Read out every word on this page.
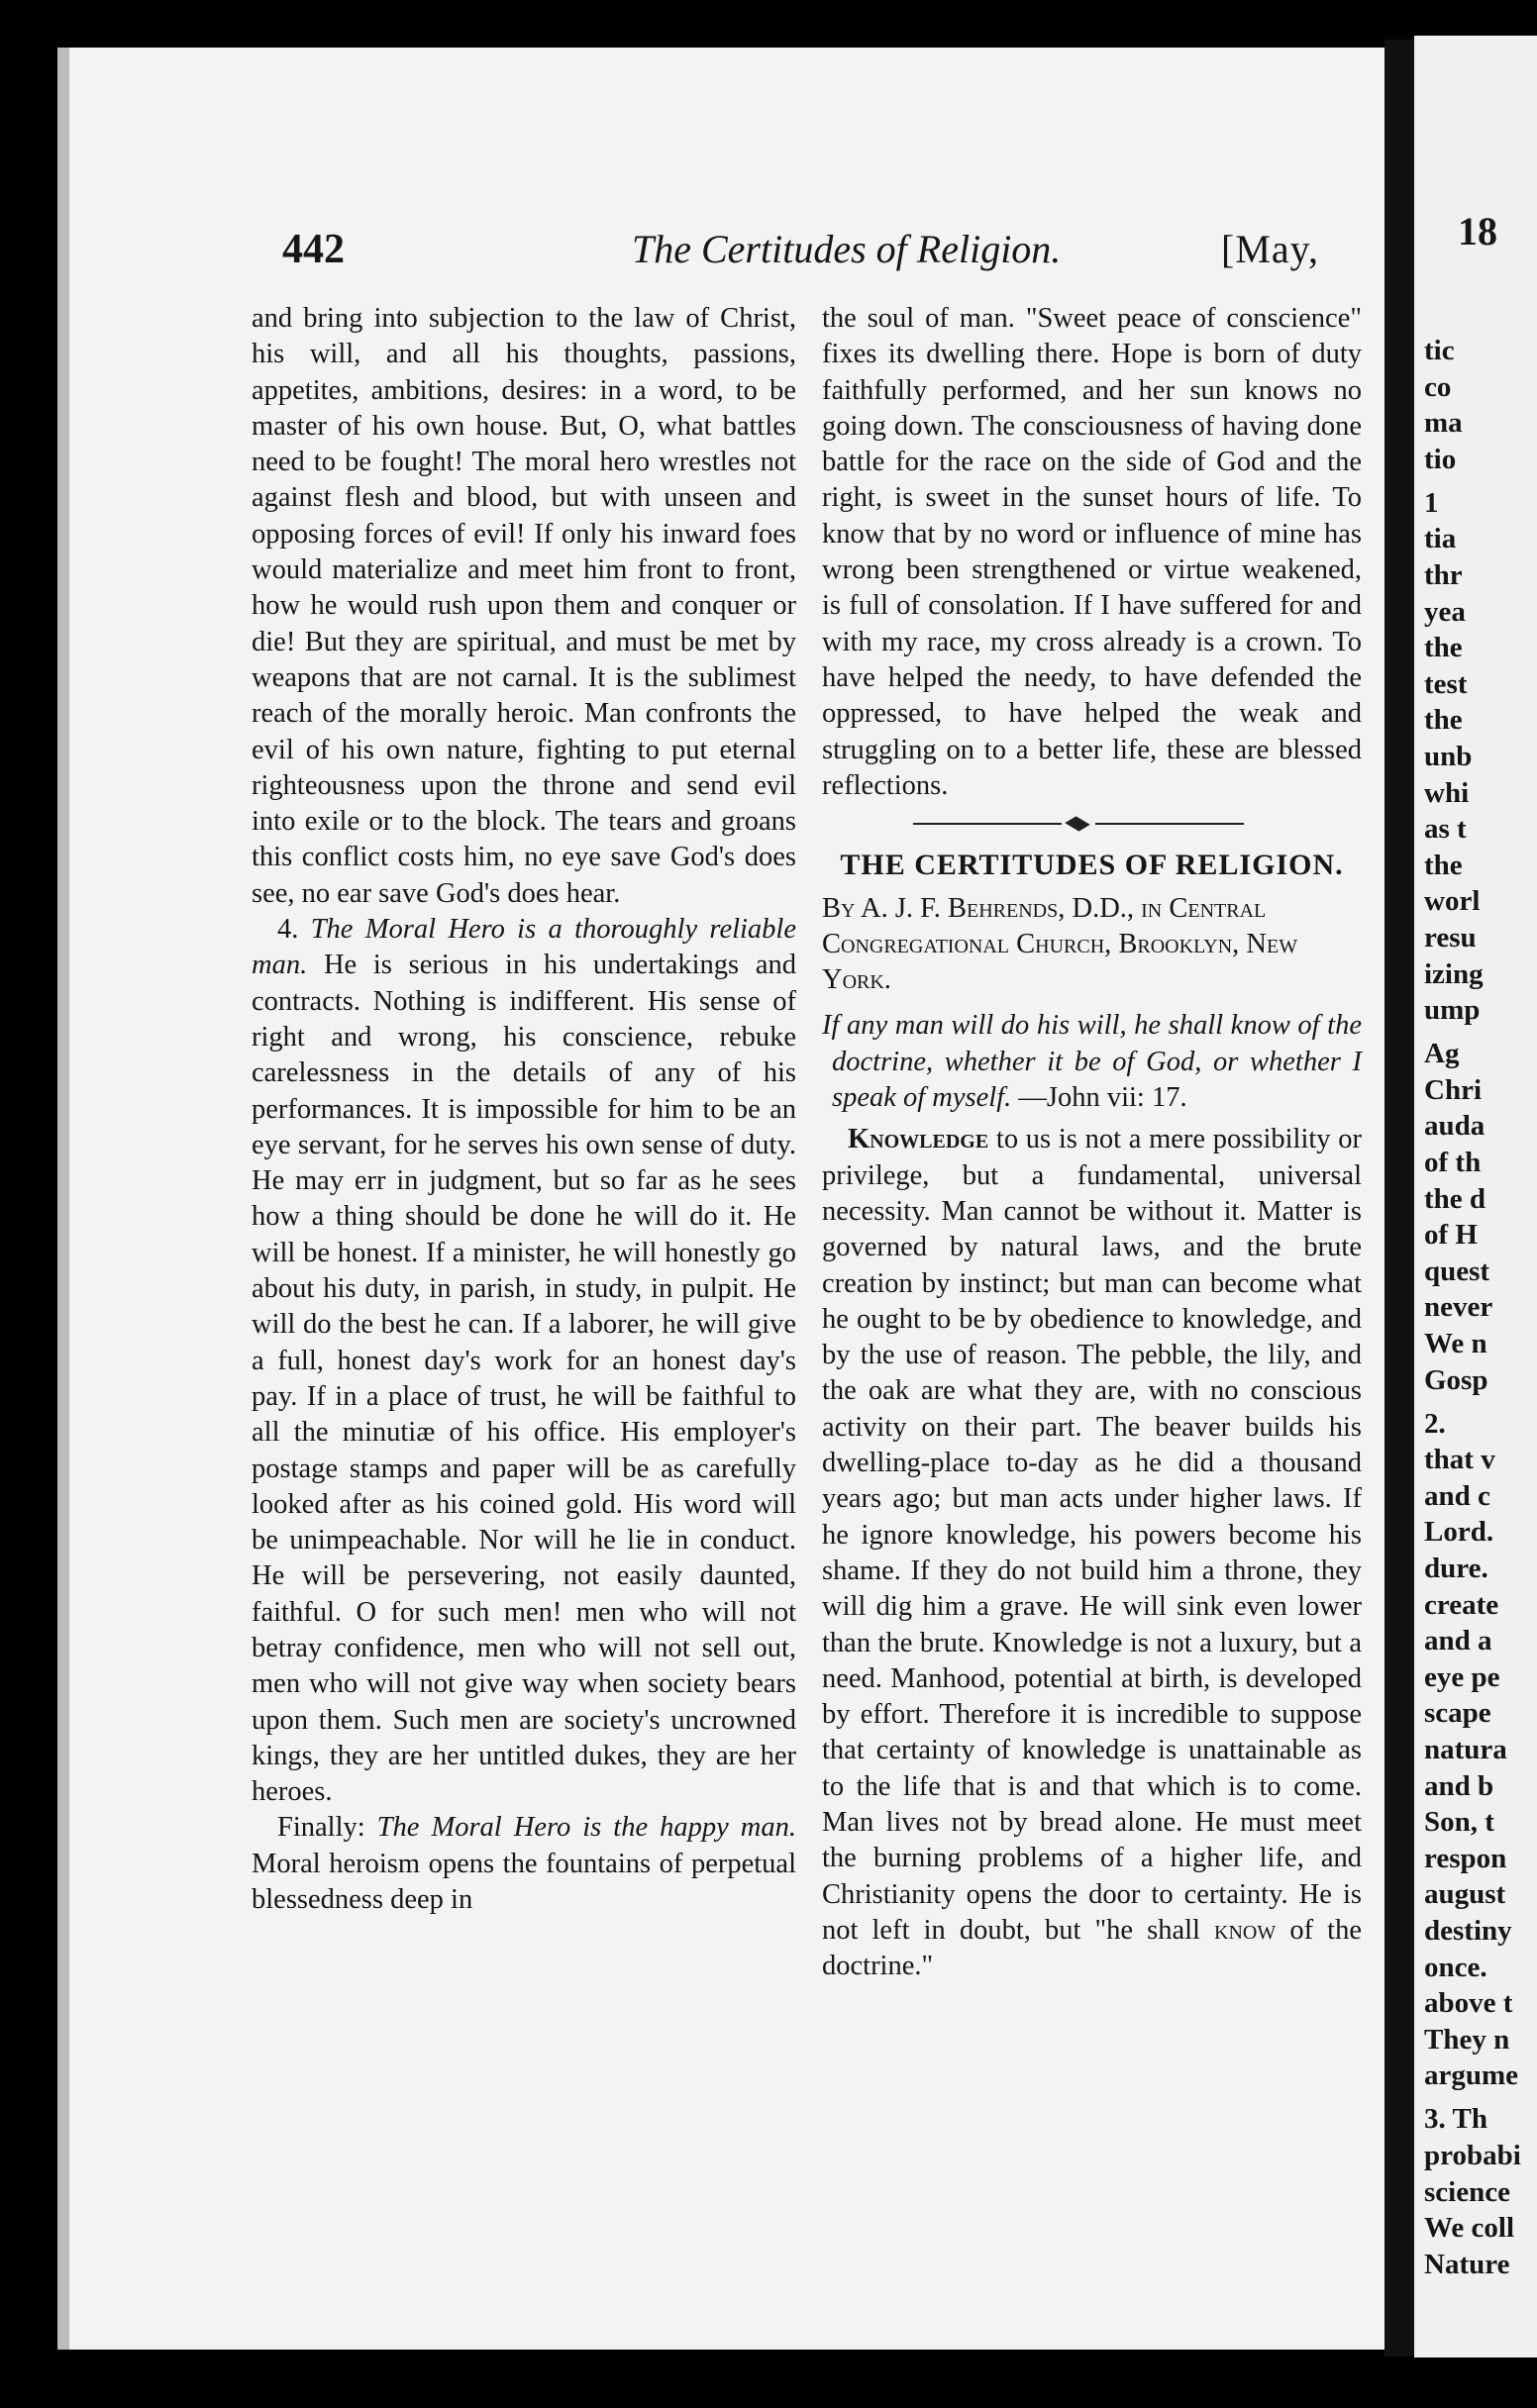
442	The Certitudes of Religion.	[May,

and bring into subjection to the law of Christ, his will, and all his thoughts, passions, appetites, ambitions, desires: in a word, to be master of his own house. But, O, what battles need to be fought! The moral hero wrestles not against flesh and blood, but with unseen and opposing forces of evil! If only his inward foes would materialize and meet him front to front, how he would rush upon them and conquer or die! But they are spiritual, and must be met by weapons that are not carnal. It is the sublimest reach of the morally heroic. Man confronts the evil of his own nature, fighting to put eternal righteousness upon the throne and send evil into exile or to the block. The tears and groans this conflict costs him, no eye save God's does see, no ear save God's does hear.

4. The Moral Hero is a thoroughly reliable man. He is serious in his undertakings and contracts. Nothing is indifferent. His sense of right and wrong, his conscience, rebuke carelessness in the details of any of his performances. It is impossible for him to be an eye servant, for he serves his own sense of duty. He may err in judgment, but so far as he sees how a thing should be done he will do it. He will be honest. If a minister, he will honestly go about his duty, in parish, in study, in pulpit. He will do the best he can. If a laborer, he will give a full, honest day's work for an honest day's pay. If in a place of trust, he will be faithful to all the minutiæ of his office. His employer's postage stamps and paper will be as carefully looked after as his coined gold. His word will be unimpeachable. Nor will he lie in conduct. He will be persevering, not easily daunted, faithful. O for such men! men who will not betray confidence, men who will not sell out, men who will not give way when society bears upon them. Such men are society's uncrowned kings, they are her untitled dukes, they are her heroes.

Finally: The Moral Hero is the happy man. Moral heroism opens the fountains of perpetual blessedness deep in

the soul of man. "Sweet peace of conscience" fixes its dwelling there. Hope is born of duty faithfully performed, and her sun knows no going down. The consciousness of having done battle for the race on the side of God and the right, is sweet in the sunset hours of life. To know that by no word or influence of mine has wrong been strengthened or virtue weakened, is full of consolation. If I have suffered for and with my race, my cross already is a crown. To have helped the needy, to have defended the oppressed, to have helped the weak and struggling on to a better life, these are blessed reflections.

THE CERTITUDES OF RELIGION.

By A. J. F. Behrends, D.D., in Central Congregational Church, Brooklyn, New York.

If any man will do his will, he shall know of the doctrine, whether it be of God, or whether I speak of myself. —John vii: 17.

Knowledge to us is not a mere possibility or privilege, but a fundamental, universal necessity. Man cannot be without it. Matter is governed by natural laws, and the brute creation by instinct; but man can become what he ought to be by obedience to knowledge, and by the use of reason. The pebble, the lily, and the oak are what they are, with no conscious activity on their part. The beaver builds his dwelling-place to-day as he did a thousand years ago; but man acts under higher laws. If he ignore knowledge, his powers become his shame. If they do not build him a throne, they will dig him a grave. He will sink even lower than the brute. Knowledge is not a luxury, but a need. Manhood, potential at birth, is developed by effort. Therefore it is incredible to suppose that certainty of knowledge is unattainable as to the life that is and that which is to come. Man lives not by bread alone. He must meet the burning problems of a higher life, and Christianity opens the door to certainty. He is not left in doubt, but "he shall know of the doctrine."

18
tic
co
ma
tio
1
tia
thr
yea
the
test
the
unb
whi
as t
the
worl
resu
izing
ump
Ag
Chri
auda
of th
the d
of H
quest
never
We n
Gosp
2.
that v
and c
Lord.
dure.
create
and a
eye pe
scape
natura
and b
Son, t
respon
august
destiny
once.
above t
They n
argume
3. Th
probabi
science
We coll
Nature
